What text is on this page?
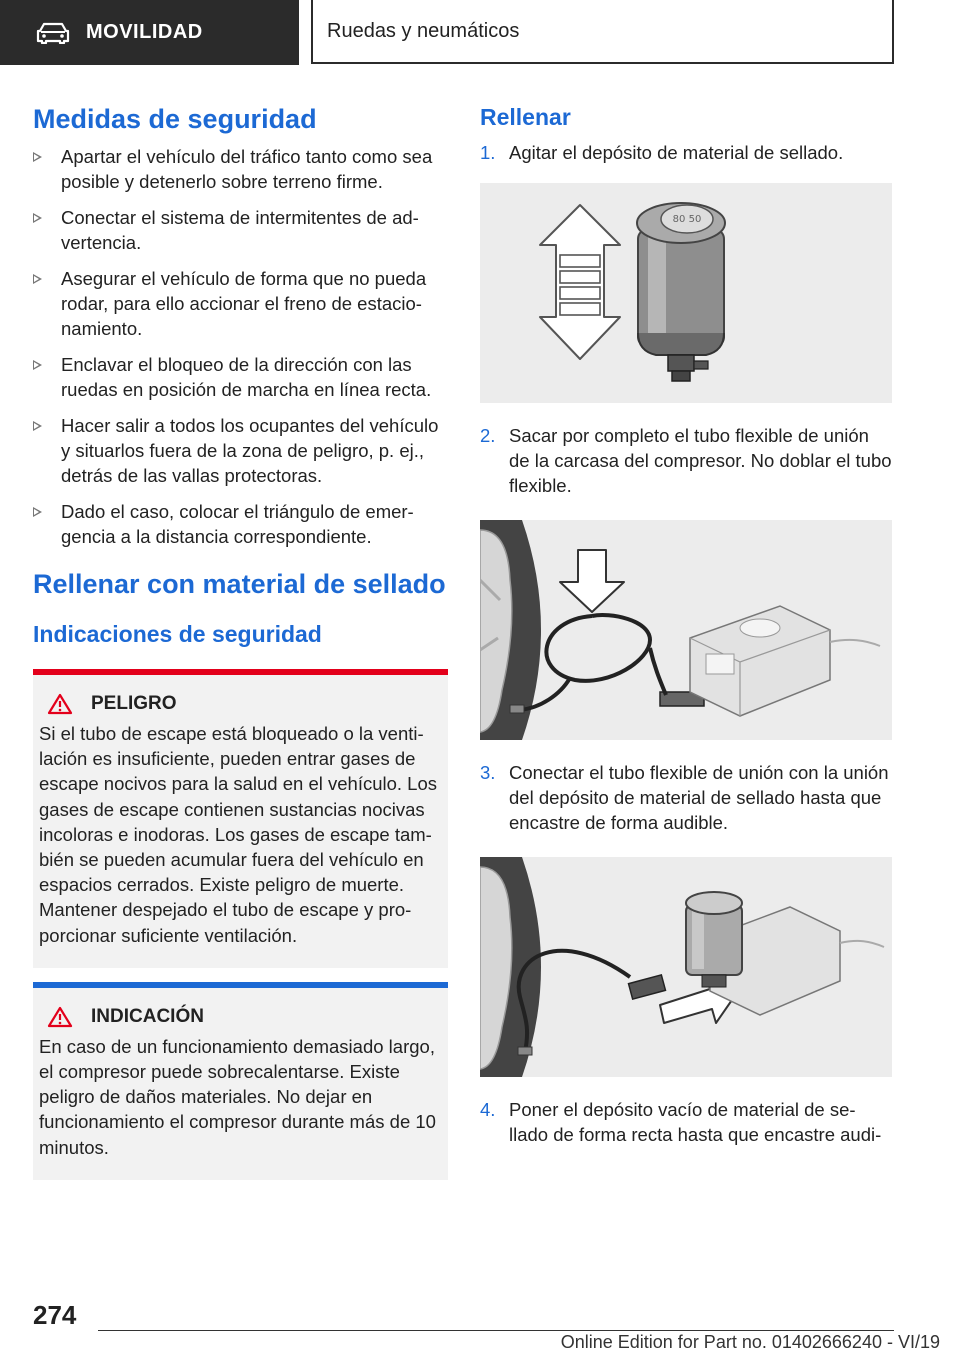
MOVILIDAD	Ruedas y neumáticos
Medidas de seguridad
Apartar el vehículo del tráfico tanto como sea posible y detenerlo sobre terreno firme.
Conectar el sistema de intermitentes de ad- vertencia.
Asegurar el vehículo de forma que no pueda rodar, para ello accionar el freno de estacio- namiento.
Enclavar el bloqueo de la dirección con las ruedas en posición de marcha en línea recta.
Hacer salir a todos los ocupantes del vehículo y situarlos fuera de la zona de peligro, p. ej., detrás de las vallas protectoras.
Dado el caso, colocar el triángulo de emer- gencia a la distancia correspondiente.
Rellenar con material de sellado
Indicaciones de seguridad
PELIGRO
Si el tubo de escape está bloqueado o la venti- lación es insuficiente, pueden entrar gases de escape nocivos para la salud en el vehículo. Los gases de escape contienen sustancias nocivas incoloras e inodoras. Los gases de escape tam- bién se pueden acumular fuera del vehículo en espacios cerrados. Existe peligro de muerte. Mantener despejado el tubo de escape y pro- porcionar suficiente ventilación.
INDICACIÓN
En caso de un funcionamiento demasiado largo, el compresor puede sobrecalentarse. Existe peligro de daños materiales. No dejar en funcionamiento el compresor durante más de 10 minutos.
Rellenar
1. Agitar el depósito de material de sellado.
80 50
2. Sacar por completo el tubo flexible de unión de la carcasa del compresor. No doblar el tubo flexible.
3. Conectar el tubo flexible de unión con la unión del depósito de material de sellado hasta que encastre de forma audible.
4. Poner el depósito vacío de material de se- llado de forma recta hasta que encastre audi-
274
Online Edition for Part no. 01402666240 - VI/19
